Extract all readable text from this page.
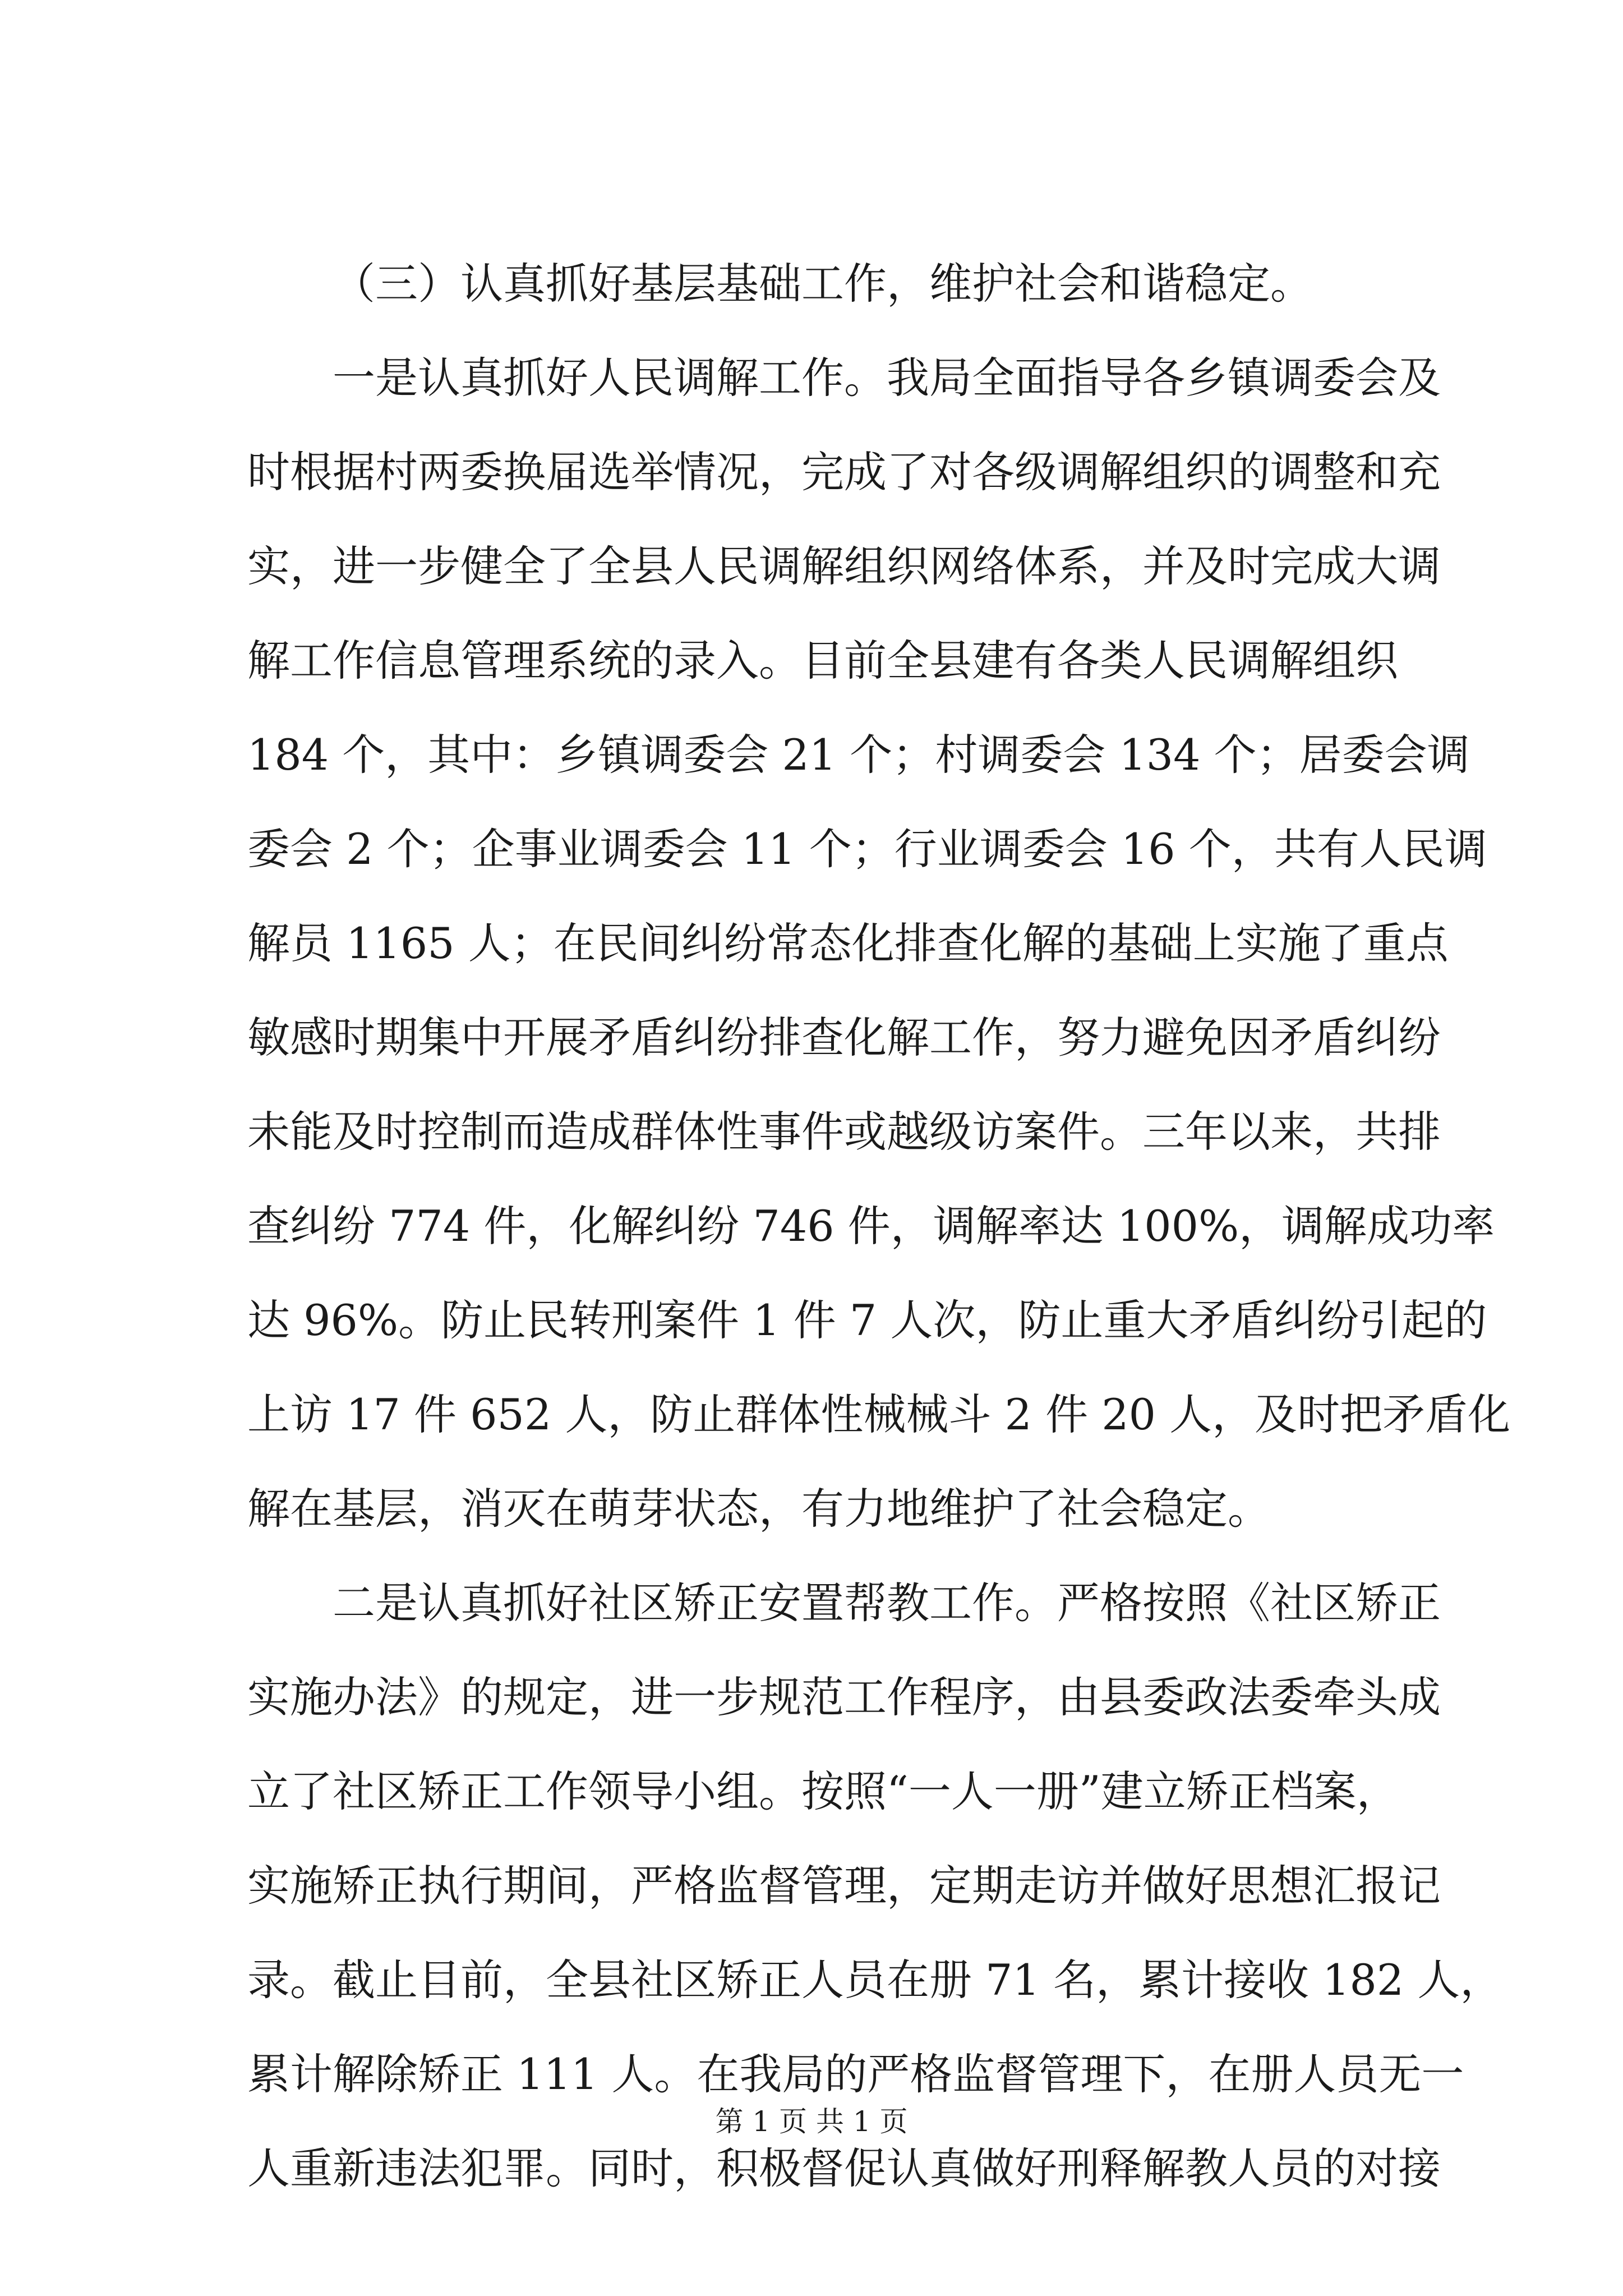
（三）认真抓好基层基础工作，维护社会和谐稳定。
一是认真抓好人民调解工作。我局全面指导各乡镇调委会及
时根据村两委换届选举情况，完成了对各级调解组织的调整和充
实，进一步健全了全县人民调解组织网络体系，并及时完成大调
解工作信息管理系统的录入。目前全县建有各类人民调解组织
184 个，其中：乡镇调委会 21 个；村调委会 134 个；居委会调
委会 2 个；企事业调委会 11 个；行业调委会 16 个，共有人民调
解员 1165 人；在民间纠纷常态化排查化解的基础上实施了重点
敏感时期集中开展矛盾纠纷排查化解工作，努力避免因矛盾纠纷
未能及时控制而造成群体性事件或越级访案件。三年以来，共排
查纠纷 774 件，化解纠纷 746 件，调解率达 100%，调解成功率
达 96%。防止民转刑案件 1 件 7 人次，防止重大矛盾纠纷引起的
上访 17 件 652 人，防止群体性械械斗 2 件 20 人，及时把矛盾化
解在基层，消灭在萌芽状态，有力地维护了社会稳定。
二是认真抓好社区矫正安置帮教工作。严格按照《社区矫正
实施办法》的规定，进一步规范工作程序，由县委政法委牵头成
立了社区矫正工作领导小组。按照“一人一册”建立矫正档案，
实施矫正执行期间，严格监督管理，定期走访并做好思想汇报记
录。截止目前，全县社区矫正人员在册 71 名，累计接收 182 人，
累计解除矫正 111 人。在我局的严格监督管理下，在册人员无一
人重新违法犯罪。同时，积极督促认真做好刑释解教人员的对接
第 1 页 共 1 页
